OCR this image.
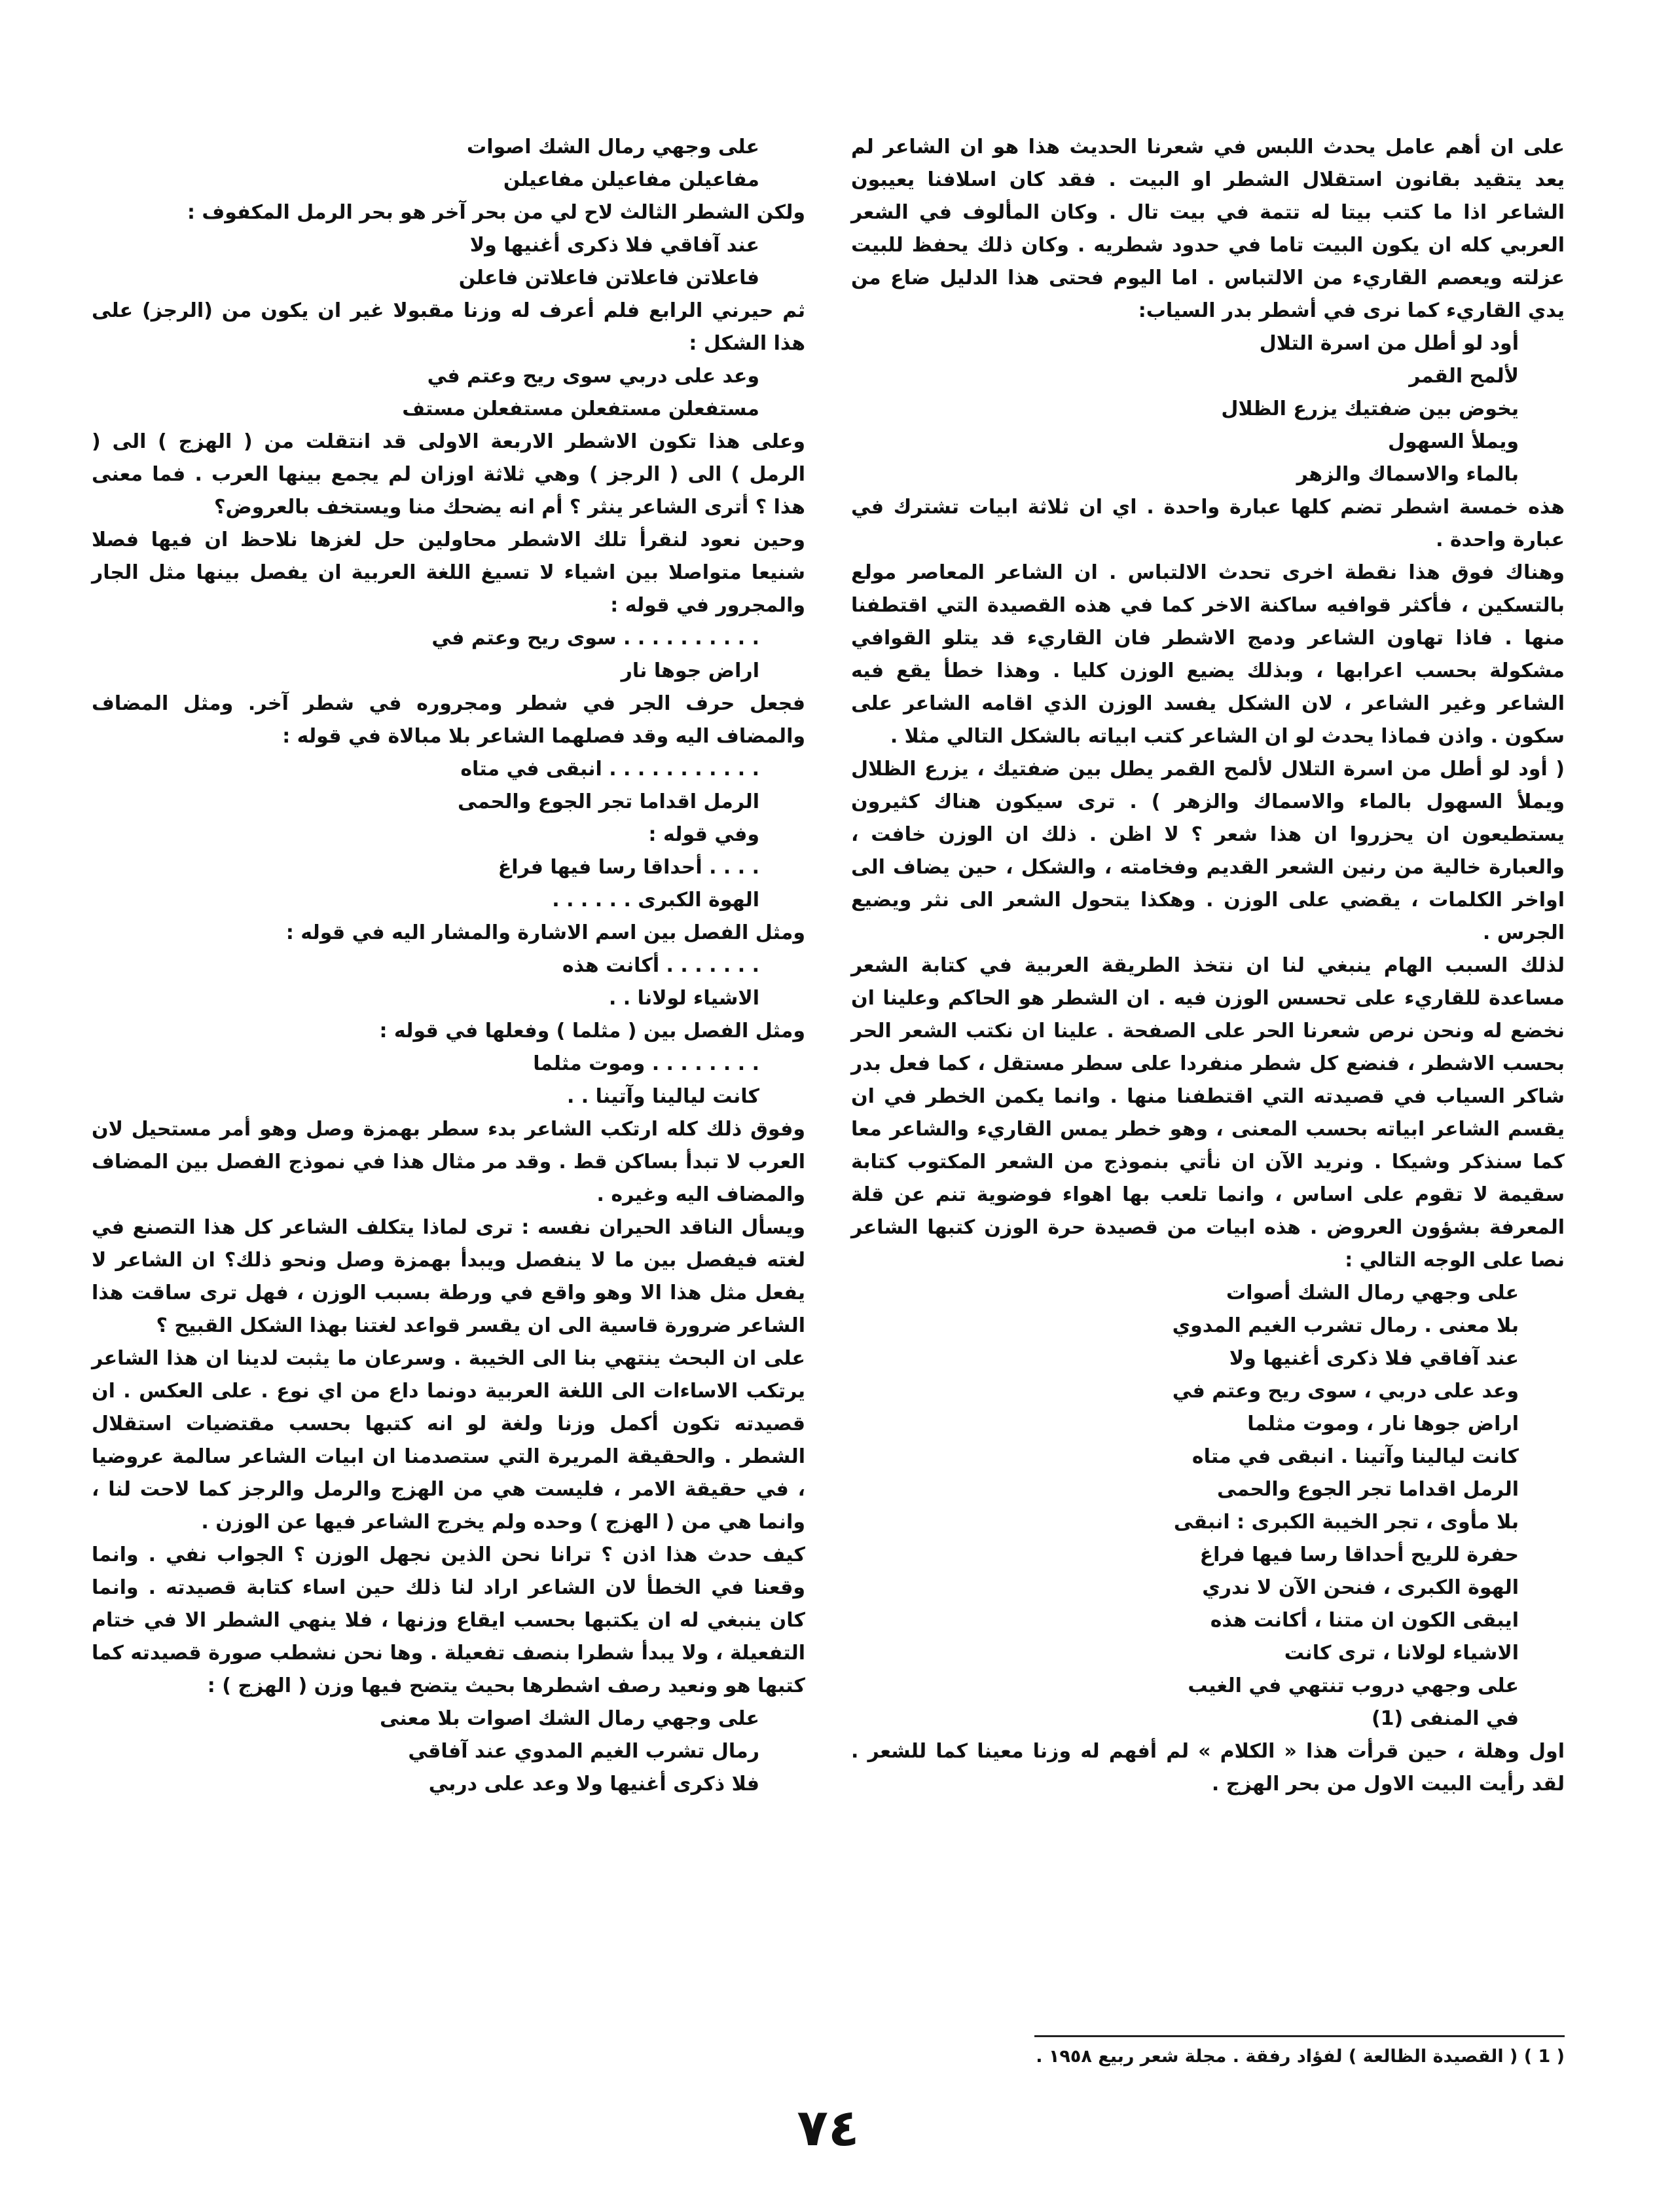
على ان أهم عامل يحدث اللبس في شعرنا الحديث هذا هو ان الشاعر لم يعد يتقيد بقانون استقلال الشطر او البيت . فقد كان اسلافنا يعيبون الشاعر اذا ما كتب بيتا له تتمة في بيت تال . وكان المألوف في الشعر العربي كله ان يكون البيت تاما في حدود شطريه . وكان ذلك يحفظ للبيت عزلته ويعصم القاريء من الالتباس . اما اليوم فحتى هذا الدليل ضاع من يدي القاريء كما نرى في أشطر بدر السياب:

أود لو أطل من اسرة التلال
لألمح القمر
يخوض بين ضفتيك يزرع الظلال
ويملأ السهول
بالماء والاسماك والزهر

هذه خمسة اشطر تضم كلها عبارة واحدة . اي ان ثلاثة ابيات تشترك في عبارة واحدة .

وهناك فوق هذا نقطة اخرى تحدث الالتباس . ان الشاعر المعاصر مولع بالتسكين ، فأكثر قوافيه ساكنة الاخر كما في هذه القصيدة التي اقتطفنا منها . فاذا تهاون الشاعر ودمج الاشطر فان القاريء قد يتلو القوافي مشكولة بحسب اعرابها ، وبذلك يضيع الوزن كليا . وهذا خطأ يقع فيه الشاعر وغير الشاعر ، لان الشكل يفسد الوزن الذي اقامه الشاعر على سكون . واذن فماذا يحدث لو ان الشاعر كتب ابياته بالشكل التالي مثلا .

( أود لو أطل من اسرة التلال لألمح القمر يطل بين ضفتيك ، يزرع الظلال ويملأ السهول بالماء والاسماك والزهر ) . ترى سيكون هناك كثيرون يستطيعون ان يحزروا ان هذا شعر ؟ لا اظن . ذلك ان الوزن خافت ، والعبارة خالية من رنين الشعر القديم وفخامته ، والشكل ، حين يضاف الى اواخر الكلمات ، يقضي على الوزن . وهكذا يتحول الشعر الى نثر ويضيع الجرس .

لذلك السبب الهام ينبغي لنا ان نتخذ الطريقة العربية في كتابة الشعر مساعدة للقاريء على تحسس الوزن فيه . ان الشطر هو الحاكم وعلينا ان نخضع له ونحن نرص شعرنا الحر على الصفحة . علينا ان نكتب الشعر الحر بحسب الاشطر ، فنضع كل شطر منفردا على سطر مستقل ، كما فعل بدر شاكر السياب في قصيدته التي اقتطفنا منها . وانما يكمن الخطر في ان يقسم الشاعر ابياته بحسب المعنى ، وهو خطر يمس القاريء والشاعر معا كما سنذكر وشيكا . ونريد الآن ان نأتي بنموذج من الشعر المكتوب كتابة سقيمة لا تقوم على اساس ، وانما تلعب بها اهواء فوضوية تنم عن قلة المعرفة بشؤون العروض . هذه ابيات من قصيدة حرة الوزن كتبها الشاعر نصا على الوجه التالي :

على وجهي رمال الشك أصوات
بلا معنى . رمال تشرب الغيم المدوي
عند آفاقي فلا ذكرى أغنيها ولا
وعد على دربي ، سوى ريح وعتم في
اراض جوها نار ، وموت مثلما
كانت ليالينا وآتينا . انبقى في متاه
الرمل اقداما تجر الجوع والحمى
بلا مأوى ، تجر الخيبة الكبرى : انبقى
حفرة للريح أحداقا رسا فيها فراغ
الهوة الكبرى ، فنحن الآن لا ندري
ايبقى الكون ان متنا ، أكانت هذه
الاشياء لولانا ، ترى كانت
على وجهي دروب تنتهي في الغيب
في المنفى (1)

اول وهلة ، حين قرأت هذا « الكلام » لم أفهم له وزنا معينا كما للشعر . لقد رأيت البيت الاول من بحر الهزج .

على وجهي رمال الشك اصوات
مفاعيلن مفاعيلن مفاعيلن

ولكن الشطر الثالث لاح لي من بحر آخر هو بحر الرمل المكفوف :

عند آفاقي فلا ذكرى أغنيها ولا
فاعلاتن فاعلاتن فاعلاتن فاعلن

ثم حيرني الرابع فلم أعرف له وزنا مقبولا غير ان يكون من (الرجز) على هذا الشكل :

وعد على دربي سوى ريح وعتم في
مستفعلن مستفعلن مستفعلن مستف

وعلى هذا تكون الاشطر الاربعة الاولى قد انتقلت من ( الهزج ) الى ( الرمل ) الى ( الرجز ) وهي ثلاثة اوزان لم يجمع بينها العرب . فما معنى هذا ؟ أترى الشاعر ينثر ؟ أم انه يضحك منا ويستخف بالعروض؟

وحين نعود لنقرأ تلك الاشطر محاولين حل لغزها نلاحظ ان فيها فصلا شنيعا متواصلا بين اشياء لا تسيغ اللغة العربية ان يفصل بينها مثل الجار والمجرور في قوله :

. . . . . . . . . . سوى ريح وعتم في
اراض جوها نار

فجعل حرف الجر في شطر ومجروره في شطر آخر. ومثل المضاف والمضاف اليه وقد فصلهما الشاعر بلا مبالاة في قوله :

. . . . . . . . . . . انبقى في متاه
الرمل اقداما تجر الجوع والحمى
وفي قوله :
. . . . أحداقا رسا فيها فراغ
الهوة الكبرى . . . . . .

ومثل الفصل بين اسم الاشارة والمشار اليه في قوله :

. . . . . . . أكانت هذه
الاشياء لولانا . .

ومثل الفصل بين ( مثلما ) وفعلها في قوله :

. . . . . . . . وموت مثلما
كانت ليالينا وآتينا . .

وفوق ذلك كله ارتكب الشاعر بدء سطر بهمزة وصل وهو أمر مستحيل لان العرب لا تبدأ بساكن قط . وقد مر مثال هذا في نموذج الفصل بين المضاف والمضاف اليه وغيره .

ويسأل الناقد الحيران نفسه : ترى لماذا يتكلف الشاعر كل هذا التصنع في لغته فيفصل بين ما لا ينفصل ويبدأ بهمزة وصل ونحو ذلك؟ ان الشاعر لا يفعل مثل هذا الا وهو واقع في ورطة بسبب الوزن ، فهل ترى ساقت هذا الشاعر ضرورة قاسية الى ان يقسر قواعد لغتنا بهذا الشكل القبيح ؟

على ان البحث ينتهي بنا الى الخيبة . وسرعان ما يثبت لدينا ان هذا الشاعر يرتكب الاساءات الى اللغة العربية دونما داع من اي نوع . على العكس . ان قصيدته تكون أكمل وزنا ولغة لو انه كتبها بحسب مقتضيات استقلال الشطر . والحقيقة المريرة التي ستصدمنا ان ابيات الشاعر سالمة عروضيا ، في حقيقة الامر ، فليست هي من الهزج والرمل والرجز كما لاحت لنا ، وانما هي من ( الهزج ) وحده ولم يخرج الشاعر فيها عن الوزن .

كيف حدث هذا اذن ؟ ترانا نحن الذين نجهل الوزن ؟ الجواب نفي . وانما وقعنا في الخطأ لان الشاعر اراد لنا ذلك حين اساء كتابة قصيدته . وانما كان ينبغي له ان يكتبها بحسب ايقاع وزنها ، فلا ينهي الشطر الا في ختام التفعيلة ، ولا يبدأ شطرا بنصف تفعيلة . وها نحن نشطب صورة قصيدته كما كتبها هو ونعيد رصف اشطرها بحيث يتضح فيها وزن ( الهزج ) :

على وجهي رمال الشك اصوات بلا معنى
رمال تشرب الغيم المدوي عند آفاقي
فلا ذكرى أغنيها ولا وعد على دربي
( 1 ) ( القصيدة الظالعة ) لفؤاد رفقة . مجلة شعر ربيع ١٩٥٨ .
٧٤
